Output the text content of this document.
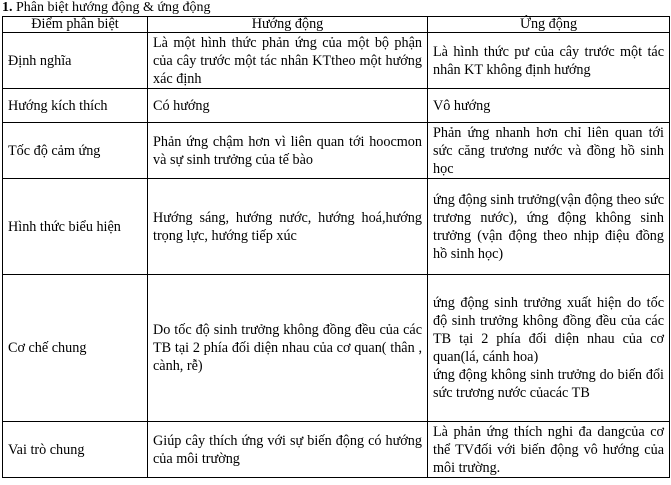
1. Phân biệt hướng động & ứng động
Điểm phân biệt	Hướng động	Ứng động
Định nghĩa	Là một hình thức phản ứng của một bộ phận của cây trước một tác nhân KTtheo một hướng xác định	Là hình thức pư của cây trước một tác nhân KT không định hướng

Hướng kích thích	Có hướng	Vô hướng

Tốc độ cảm ứng	Phản ứng chậm hơn vì liên quan tới hoocmon và sự sinh trưởng của tế bào	Phản ứng nhanh hơn chỉ liên quan tới sức căng trương nước và đồng hồ sinh học

Hình thức biểu hiện	Hướng sáng, hướng nước, hướng hoá,hướng trọng lực, hướng tiếp xúc	ứng động sinh trưởng(vận động theo sức trương nước), ứng động không sinh trưởng (vận động theo nhịp điệu đồng hồ sinh học)

Cơ chế chung	Do tốc độ sinh trưởng không đồng đều của các TB tại 2 phía đối diện nhau của cơ quan( thân , cành, rễ)	ứng động sinh trưởng xuất hiện do tốc độ sinh trưởng không đồng đều của các TB tại 2 phía đối diện nhau của cơ quan(lá, cánh hoa)
ứng động không sinh trưởng do biến đổi sức trương nước củacác TB

Vai trò chung	Giúp cây thích ứng với sự biến động có hướng của môi trường	Là phản ứng thích nghi đa dangcủa cơ thể TVđối với biến động vô hướng của môi trường.
